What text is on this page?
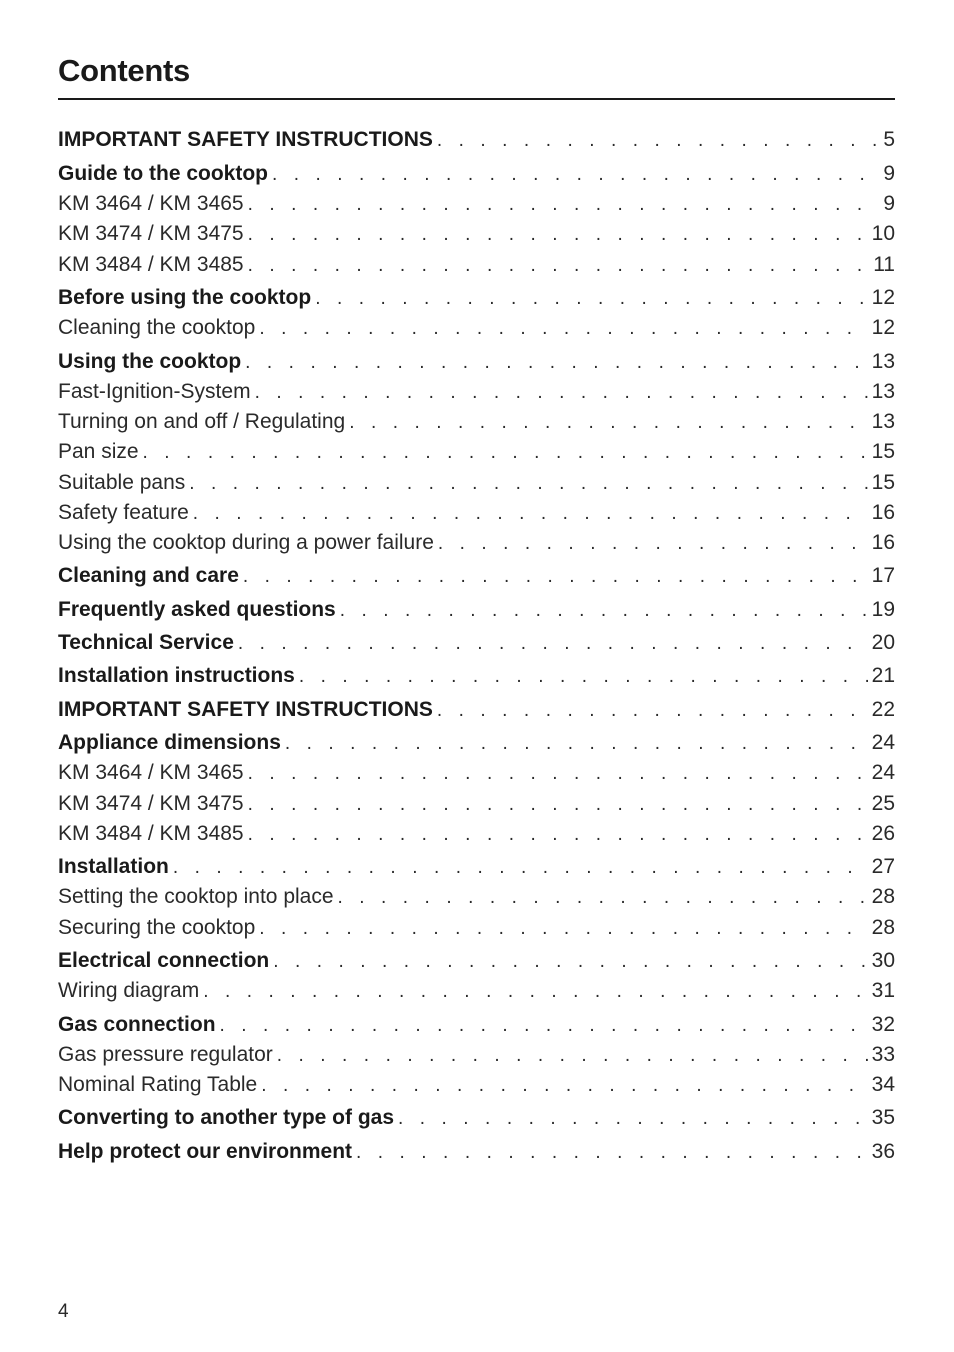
Contents
IMPORTANT SAFETY INSTRUCTIONS . . .	5
Guide to the cooktop . . .	9
KM 3464 / KM 3465 . . .	9
KM 3474 / KM 3475 . . .	10
KM 3484 / KM 3485 . . .	11
Before using the cooktop . . .	12
Cleaning the cooktop . . .	12
Using the cooktop . . .	13
Fast-Ignition-System . . .	13
Turning on and off / Regulating . . .	13
Pan size . . .	15
Suitable pans . . .	15
Safety feature . . .	16
Using the cooktop during a power failure . . .	16
Cleaning and care . . .	17
Frequently asked questions . . .	19
Technical Service . . .	20
Installation instructions . . .	21
IMPORTANT SAFETY INSTRUCTIONS . . .	22
Appliance dimensions . . .	24
KM 3464 / KM 3465 . . .	24
KM 3474 / KM 3475 . . .	25
KM 3484 / KM 3485 . . .	26
Installation . . .	27
Setting the cooktop into place . . .	28
Securing the cooktop . . .	28
Electrical connection . . .	30
Wiring diagram . . .	31
Gas connection . . .	32
Gas pressure regulator . . .	33
Nominal Rating Table . . .	34
Converting to another type of gas . . .	35
Help protect our environment . . .	36
4
